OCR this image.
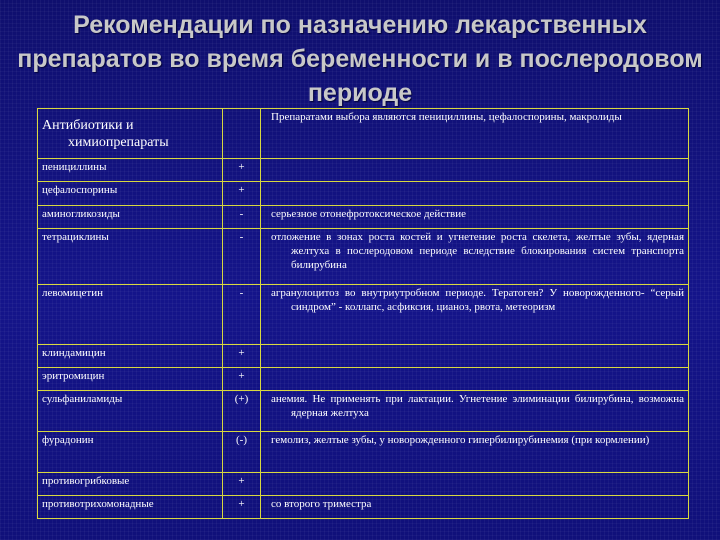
Рекомендации по назначению лекарственных препаратов во время беременности и в послеродовом периоде
Антибиотики и
химиопрепараты		Препаратами выбора являются пенициллины, цефалоспорины, макролиды

пенициллины	+	

цефалоспорины	+	

аминогликозиды	-	серьезное отонефротоксическое действие

тетрациклины	-	отложение в зонах роста костей и угнетение роста скелета, желтые зубы, ядерная желтуха в послеродовом периоде вследствие блокирования систем транспорта билирубина

левомицетин	-	агранулоцитоз во внутриутробном периоде. Тератоген? У новорожденного- “серый синдром” - коллапс, асфиксия, цианоз, рвота, метеоризм

клиндамицин	+	

эритромицин	+	

сульфаниламиды	(+)	анемия. Не применять при лактации. Угнетение элиминации билирубина, возможна ядерная желтуха

фурадонин	(-)	гемолиз, желтые зубы, у новорожденного гипербилирубинемия (при кормлении)

противогрибковые	+	

противотрихомонадные	+	со второго триместра
